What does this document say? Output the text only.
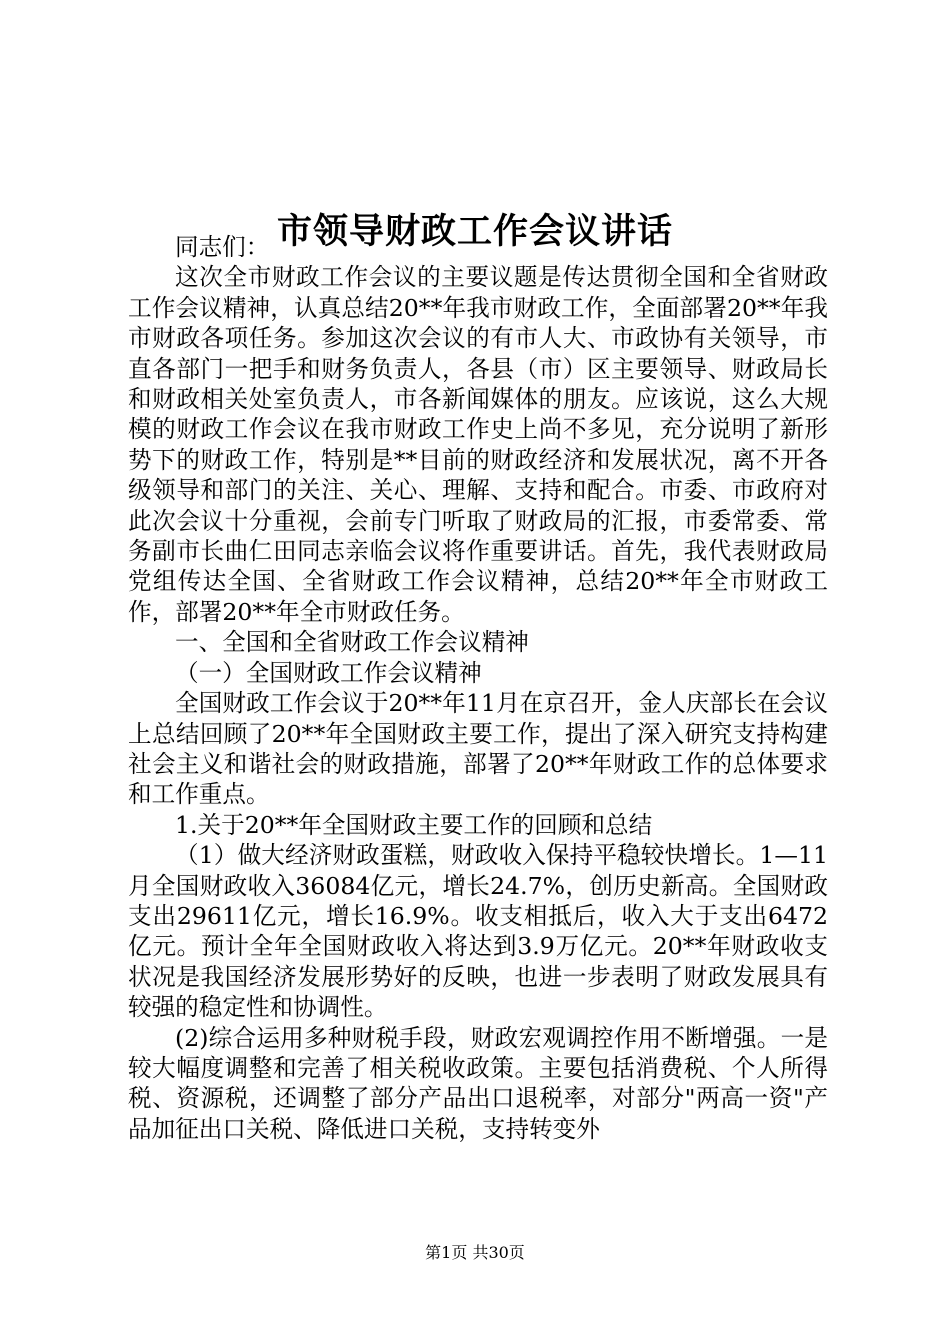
市领导财政工作会议讲话

同志们：

这次全市财政工作会议的主要议题是传达贯彻全国和全省财政工作会议精神，认真总结20**年我市财政工作，全面部署20**年我市财政各项任务。参加这次会议的有市人大、市政协有关领导，市直各部门一把手和财务负责人，各县（市）区主要领导、财政局长和财政相关处室负责人，市各新闻媒体的朋友。应该说，这么大规模的财政工作会议在我市财政工作史上尚不多见，充分说明了新形势下的财政工作，特别是**目前的财政经济和发展状况，离不开各级领导和部门的关注、关心、理解、支持和配合。市委、市政府对此次会议十分重视，会前专门听取了财政局的汇报，市委常委、常务副市长曲仁田同志亲临会议将作重要讲话。首先，我代表财政局党组传达全国、全省财政工作会议精神，总结20**年全市财政工作，部署20**年全市财政任务。

一、全国和全省财政工作会议精神

（一）全国财政工作会议精神

全国财政工作会议于20**年11月在京召开，金人庆部长在会议上总结回顾了20**年全国财政主要工作，提出了深入研究支持构建社会主义和谐社会的财政措施，部署了20**年财政工作的总体要求和工作重点。

1.关于20**年全国财政主要工作的回顾和总结

（1）做大经济财政蛋糕，财政收入保持平稳较快增长。1—11月全国财政收入36084亿元，增长24.7%，创历史新高。全国财政支出29611亿元，增长16.9%。收支相抵后，收入大于支出6472亿元。预计全年全国财政收入将达到3.9万亿元。20**年财政收支状况是我国经济发展形势好的反映，也进一步表明了财政发展具有较强的稳定性和协调性。

(2)综合运用多种财税手段，财政宏观调控作用不断增强。一是较大幅度调整和完善了相关税收政策。主要包括消费税、个人所得税、资源税，还调整了部分产品出口退税率，对部分"两高一资"产品加征出口关税、降低进口关税，支持转变外

第1页 共30页
